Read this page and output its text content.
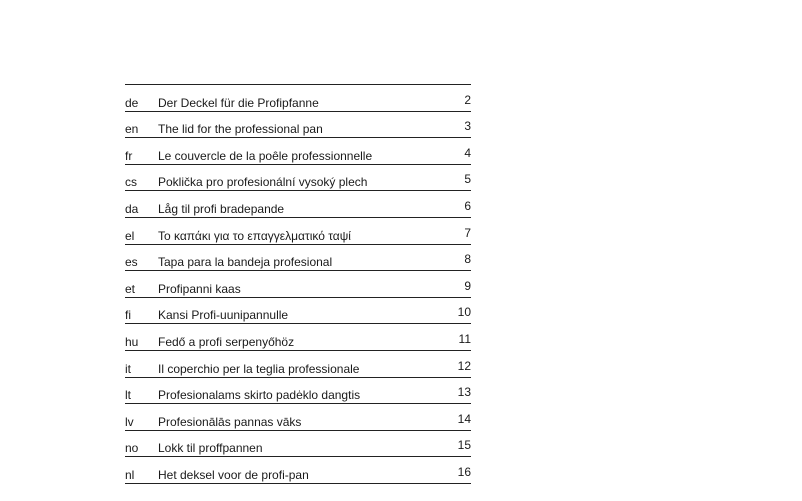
de Der Deckel für die Profipfanne	2
en The lid for the professional pan	3
fr Le couvercle de la poêle professionnelle	4
cs Poklička pro profesionální vysoký plech	5
da Låg til profi bradepande	6
el Το καπάκι για το επαγγελματικό ταψί	7
es Tapa para la bandeja profesional	8
et Profipanni kaas	9
fi Kansi Profi-uunipannulle	10
hu Fedő a profi serpenyőhöz	11
it Il coperchio per la teglia professionale	12
lt Profesionalams skirto padėklo dangtis	13
lv Profesionālās pannas vāks	14
no Lokk til proffpannen	15
nl Het deksel voor de profi-pan	16
